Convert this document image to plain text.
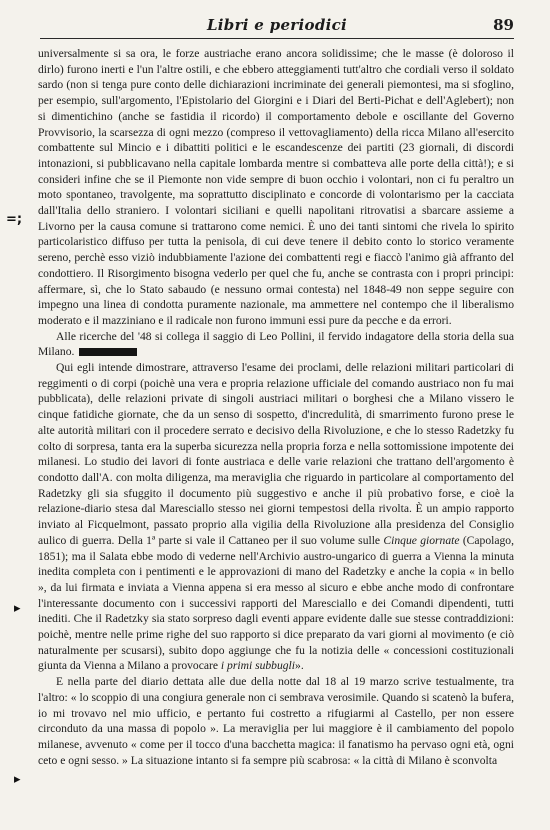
Libri e periodici	89
=;
▸
▸

universalmente si sa ora, le forze austriache erano ancora solidissime; che le masse (è doloroso il dirlo) furono inerti e l'un l'altre ostili, e che ebbero atteggiamenti tutt'altro che cordiali verso il soldato sardo (non si tenga pure conto delle dichiarazioni incriminate dei generali piemontesi, ma si sfoglino, per esempio, sull'argomento, l'Epistolario del Giorgini e i Diari del Berti-Pichat e dell'Aglebert); non si dimentichino (anche se fastidia il ricordo) il comportamento debole e oscillante del Governo Provvisorio, la scarsezza di ogni mezzo (compreso il vettovagliamento) della ricca Milano all'esercito combattente sul Mincio e i dibattiti politici e le escandescenze dei partiti (23 giornali, di discordi intonazioni, si pubblicavano nella capitale lombarda mentre si combatteva alle porte della città!); e si consideri infine che se il Piemonte non vide sempre di buon occhio i volontari, non ci fu peraltro un moto spontaneo, travolgente, ma soprattutto disciplinato e concorde di volontarismo per la cacciata dall'Italia dello straniero. I volontari siciliani e quelli napolitani ritrovatisi a sbarcare assieme a Livorno per la causa comune si trattarono come nemici. È uno dei tanti sintomi che rivela lo spirito particolaristico diffuso per tutta la penisola, di cui deve tenere il debito conto lo storico veramente sereno, perchè esso viziò indubbiamente l'azione dei combattenti regi e fiaccò l'animo già affranto del condottiero. Il Risorgimento bisogna vederlo per quel che fu, anche se contrasta con i propri principi: affermare, sì, che lo Stato sabaudo (e nessuno ormai contesta) nel 1848-49 non seppe seguire con impegno una linea di condotta puramente nazionale, ma ammettere nel contempo che il liberalismo moderato e il mazziniano e il radicale non furono immuni essi pure da pecche e da errori.

Alle ricerche del '48 si collega il saggio di Leo Pollini, il fervido indagatore della storia della sua Milano.

Qui egli intende dimostrare, attraverso l'esame dei proclami, delle relazioni militari particolari di reggimenti o di corpi (poichè una vera e propria relazione ufficiale del comando austriaco non fu mai pubblicata), delle relazioni private di singoli austriaci militari o borghesi che a Milano vissero le cinque fatidiche giornate, che da un senso di sospetto, d'incredulità, di smarrimento furono prese le alte autorità militari con il procedere serrato e decisivo della Rivoluzione, e che lo stesso Radetzky fu colto di sorpresa, tanta era la superba sicurezza nella propria forza e nella sottomissione impotente dei milanesi. Lo studio dei lavori di fonte austriaca e delle varie relazioni che trattano dell'argomento è condotto dall'A. con molta diligenza, ma meraviglia che riguardo in particolare al comportamento del Radetzky gli sia sfuggito il documento più suggestivo e anche il più probativo forse, e cioè la relazione-diario stesa dal Maresciallo stesso nei giorni tempestosi della rivolta. È un ampio rapporto inviato al Ficquelmont, passato proprio alla vigilia della Rivoluzione alla presidenza del Consiglio aulico di guerra. Della 1ª parte si vale il Cattaneo per il suo volume sulle Cinque giornate (Capolago, 1851); ma il Salata ebbe modo di vederne nell'Archivio austro-ungarico di guerra a Vienna la minuta inedita completa con i pentimenti e le approvazioni di mano del Radetzky e anche la copia « in bello », da lui firmata e inviata a Vienna appena si era messo al sicuro e ebbe anche modo di confrontare l'interessante documento con i successivi rapporti del Maresciallo e dei Comandi dipendenti, tutti inediti. Che il Radetzky sia stato sorpreso dagli eventi appare evidente dalle sue stesse contraddizioni: poichè, mentre nelle prime righe del suo rapporto si dice preparato da vari giorni al movimento (e ciò naturalmente per scusarsi), subito dopo aggiunge che fu la notizia delle « concessioni costituzionali giunta da Vienna a Milano a provocare i primi subbugli».

E nella parte del diario dettata alle due della notte dal 18 al 19 marzo scrive testualmente, tra l'altro: « lo scoppio di una congiura generale non ci sembrava verosimile. Quando si scatenò la bufera, io mi trovavo nel mio ufficio, e pertanto fui costretto a rifugiarmi al Castello, per non essere circonduto da una massa di popolo ». La meraviglia per lui maggiore è il cambiamento del popolo milanese, avvenuto « come per il tocco d'una bacchetta magica: il fanatismo ha pervaso ogni età, ogni ceto e ogni sesso. » La situazione intanto si fa sempre più scabrosa: « la città di Milano è sconvolta
